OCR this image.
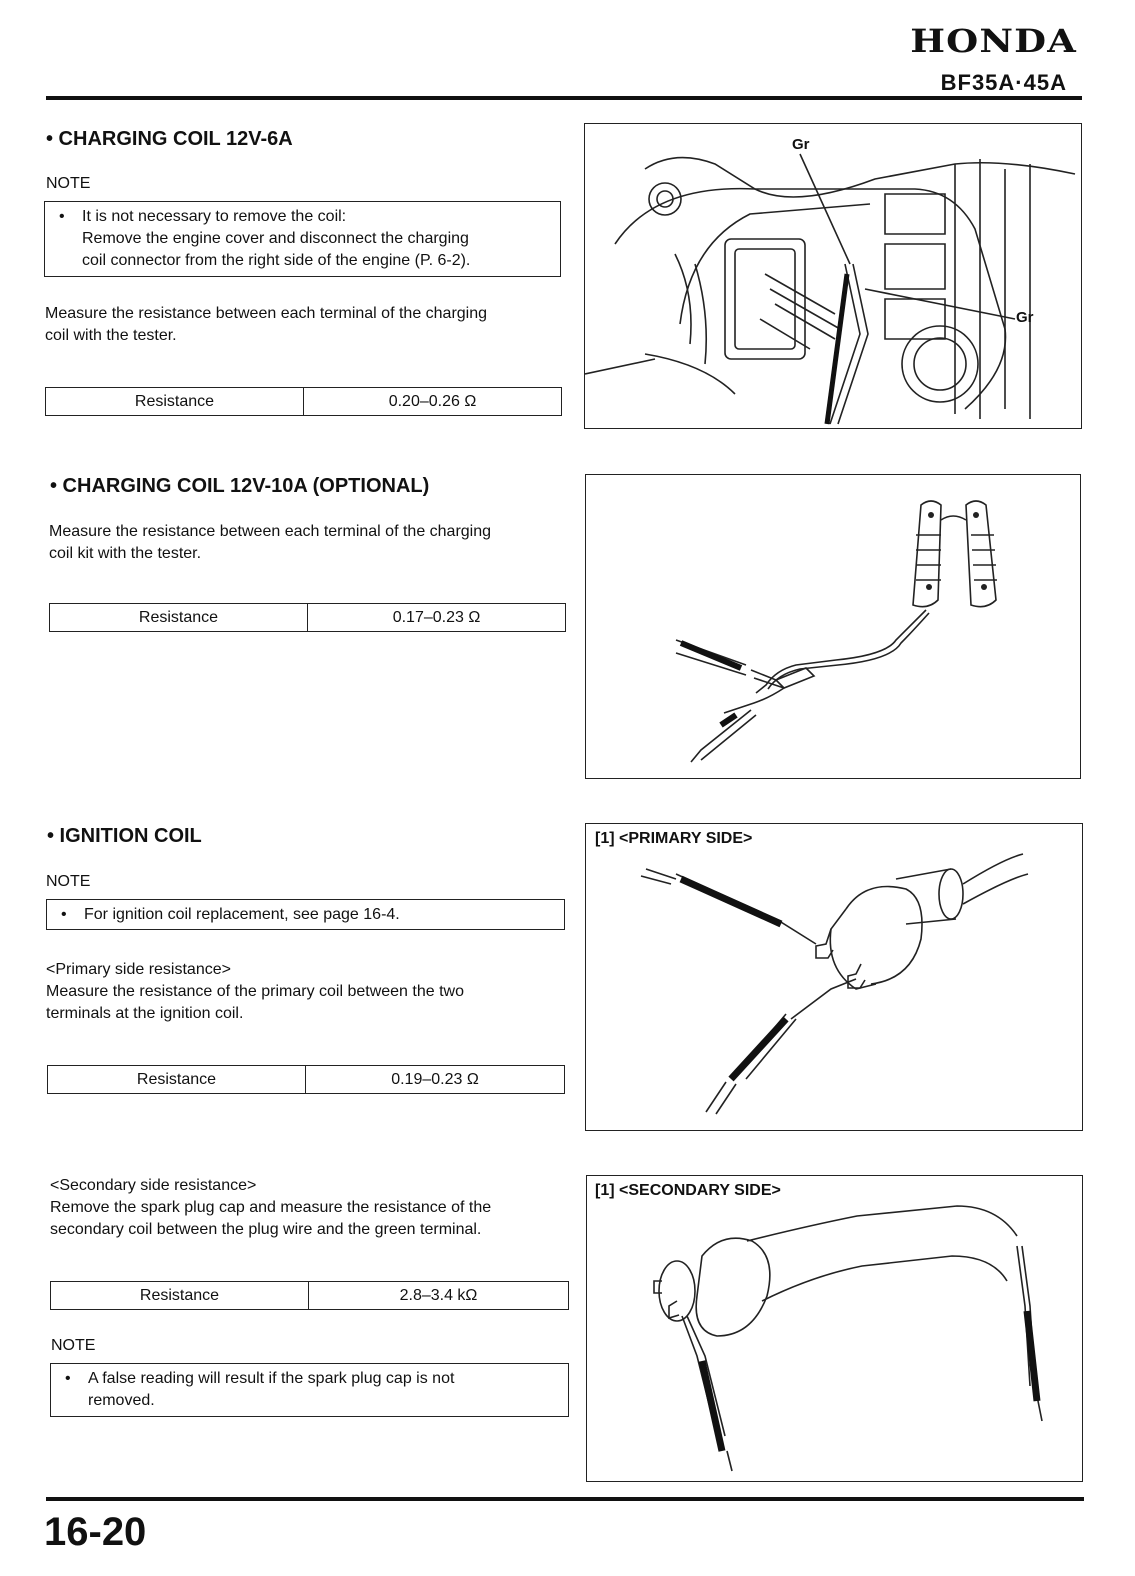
HONDA
BF35A·45A
• CHARGING COIL 12V-6A
NOTE
• It is not necessary to remove the coil:
Remove the engine cover and disconnect the charging
coil connector from the right side of the engine (P. 6-2).
Measure the resistance between each terminal of the charging
coil with the tester.
Resistance	0.20–0.26 Ω
Gr
Gr
• CHARGING COIL 12V-10A (OPTIONAL)
Measure the resistance between each terminal of the charging
coil kit with the tester.
Resistance	0.17–0.23 Ω
• IGNITION COIL
NOTE
• For ignition coil replacement, see page 16-4.
<Primary side resistance>
Measure the resistance of the primary coil between the two
terminals at the ignition coil.
Resistance	0.19–0.23 Ω
[1] <PRIMARY SIDE>
<Secondary side resistance>
Remove the spark plug cap and measure the resistance of the
secondary coil between the plug wire and the green terminal.
Resistance	2.8–3.4 kΩ
NOTE
• A false reading will result if the spark plug cap is not
removed.
[1] <SECONDARY SIDE>
16-20
